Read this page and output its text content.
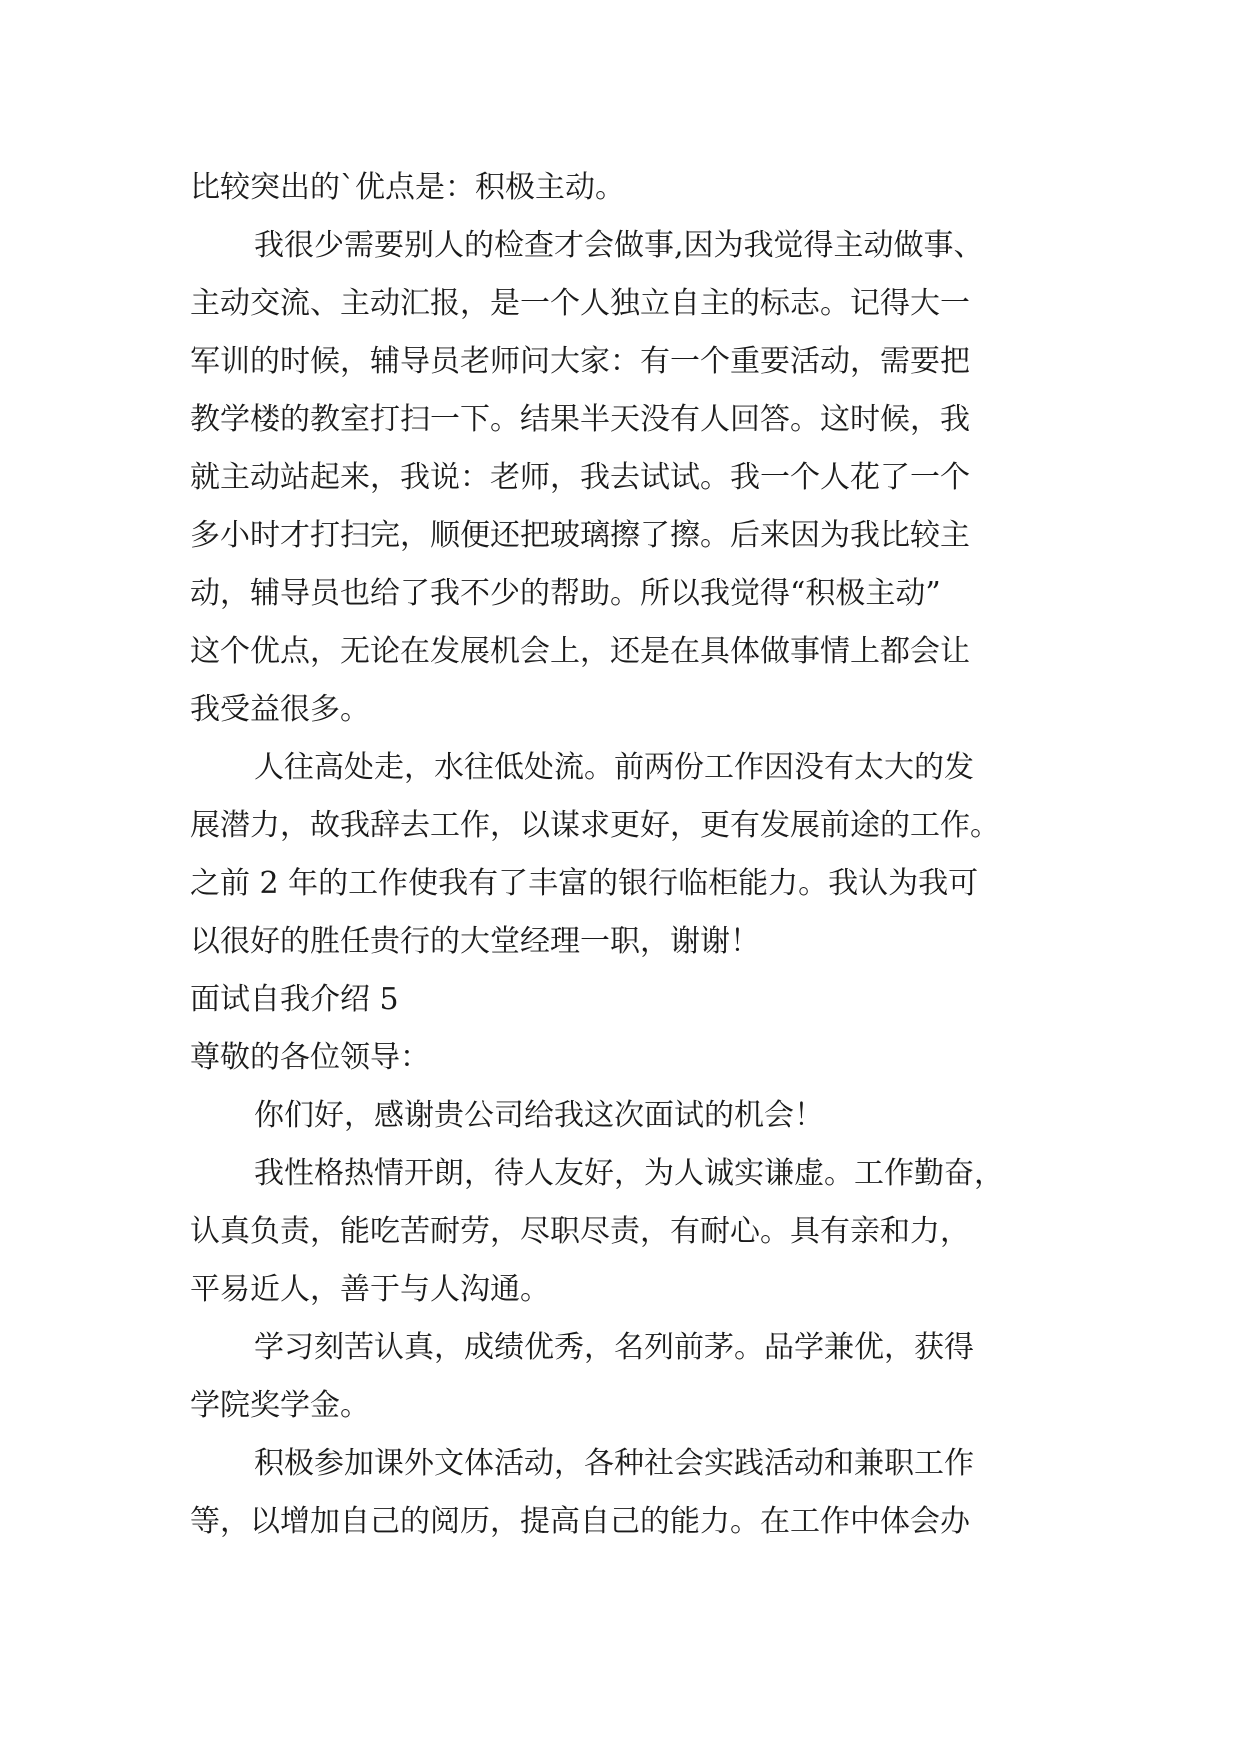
比较突出的`优点是：积极主动。
我很少需要别人的检查才会做事,因为我觉得主动做事、
主动交流、主动汇报，是一个人独立自主的标志。记得大一
军训的时候，辅导员老师问大家：有一个重要活动，需要把
教学楼的教室打扫一下。结果半天没有人回答。这时候，我
就主动站起来，我说：老师，我去试试。我一个人花了一个
多小时才打扫完，顺便还把玻璃擦了擦。后来因为我比较主
动，辅导员也给了我不少的帮助。所以我觉得“积极主动”
这个优点，无论在发展机会上，还是在具体做事情上都会让
我受益很多。
人往高处走，水往低处流。前两份工作因没有太大的发
展潜力，故我辞去工作，以谋求更好，更有发展前途的工作。
之前 2 年的工作使我有了丰富的银行临柜能力。我认为我可
以很好的胜任贵行的大堂经理一职，谢谢！
面试自我介绍 5
尊敬的各位领导：
你们好，感谢贵公司给我这次面试的机会！
我性格热情开朗，待人友好，为人诚实谦虚。工作勤奋，
认真负责，能吃苦耐劳，尽职尽责，有耐心。具有亲和力，
平易近人，善于与人沟通。
学习刻苦认真，成绩优秀，名列前茅。品学兼优，获得
学院奖学金。
积极参加课外文体活动，各种社会实践活动和兼职工作
等，以增加自己的阅历，提高自己的能力。在工作中体会办
